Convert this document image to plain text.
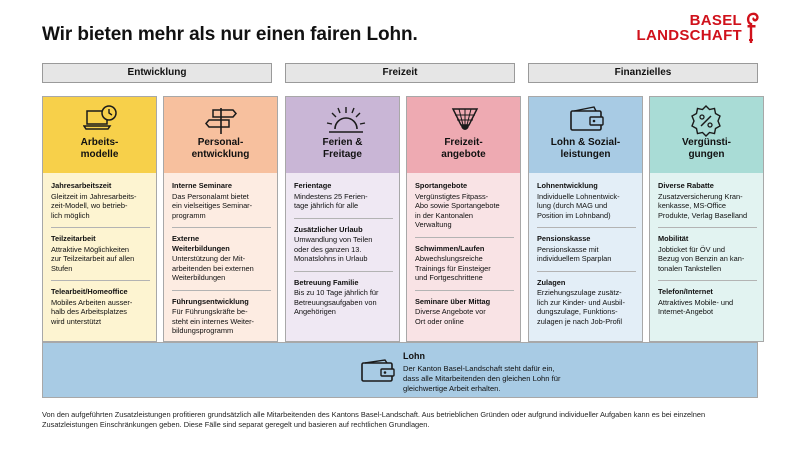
Wir bieten mehr als nur einen fairen Lohn.
BASEL
LANDSCHAFT
Entwicklung	Freizeit	Finanzielles
Arbeits-
modelle
Jahresarbeitszeit
Gleitzeit im Jahresarbeits-
zeit-Modell, wo betrieb-
lich möglich
Teilzeitarbeit
Attraktive Möglichkeiten
zur Teilzeitarbeit auf allen
Stufen
Telearbeit/Homeoffice
Mobiles Arbeiten ausser-
halb des Arbeitsplatzes
wird unterstützt
Personal-
entwicklung
Interne Seminare
Das Personalamt bietet
ein vielseitiges Seminar-
programm
Externe
Weiterbildungen
Unterstützung der Mit-
arbeitenden bei externen
Weiterbildungen
Führungsentwicklung
Für Führungskräfte be-
steht ein internes Weiter-
bildungsprogramm
Ferien &
Freitage
Ferientage
Mindestens 25 Ferien-
tage jährlich für alle
Zusätzlicher Urlaub
Umwandlung von Teilen
oder des ganzen 13.
Monatslohns in Urlaub
Betreuung Familie
Bis zu 10 Tage jährlich für
Betreuungsaufgaben von
Angehörigen
Freizeit-
angebote
Sportangebote
Vergünstigtes Fitpass-
Abo sowie Sportangebote
in der Kantonalen
Verwaltung
Schwimmen/Laufen
Abwechslungsreiche
Trainings für Einsteiger
und Fortgeschrittene
Seminare über Mittag
Diverse Angebote vor
Ort oder online
Lohn & Sozial-
leistungen
Lohnentwicklung
Individuelle Lohnentwick-
lung (durch MAG und
Position im Lohnband)
Pensionskasse
Pensionskasse mit
individuellem Sparplan
Zulagen
Erziehungszulage zusätz-
lich zur Kinder- und Ausbil-
dungszulage, Funktions-
zulagen je nach Job-Profil
Vergünsti-
gungen
Diverse Rabatte
Zusatzversicherung Kran-
kenkasse, MS-Office
Produkte, Verlag Baselland
Mobilität
Jobticket für ÖV und
Bezug von Benzin an kan-
tonalen Tankstellen
Telefon/Internet
Attraktives Mobile- und
Internet-Angebot
Lohn
Der Kanton Basel-Landschaft steht dafür ein,
dass alle Mitarbeitenden den gleichen Lohn für
gleichwertige Arbeit erhalten.
Von den aufgeführten Zusatzleistungen profitieren grundsätzlich alle Mitarbeitenden des Kantons Basel-Landschaft. Aus betrieblichen Gründen oder aufgrund individueller Aufgaben kann es bei einzelnen Zusatzleistungen Einschränkungen geben. Diese Fälle sind separat geregelt und basieren auf rechtlichen Grundlagen.
